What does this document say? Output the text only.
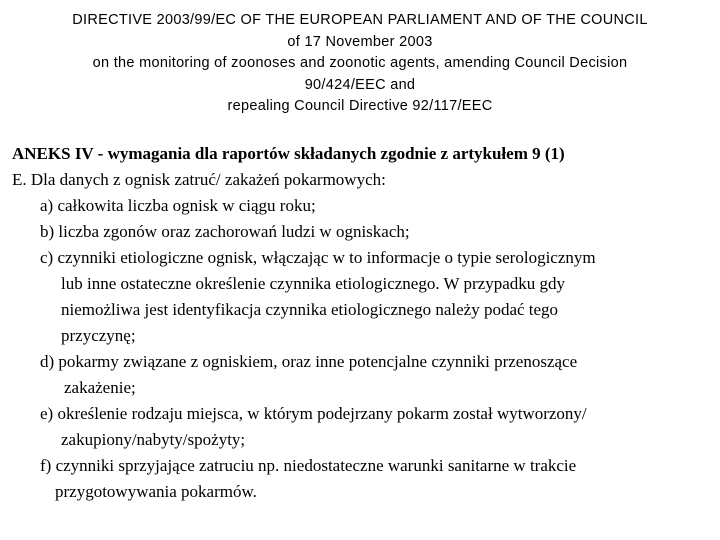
DIRECTIVE 2003/99/EC OF THE EUROPEAN PARLIAMENT AND OF THE COUNCIL
of 17 November 2003
on the monitoring of zoonoses and zoonotic agents, amending Council Decision
90/424/EEC and
repealing Council Directive 92/117/EEC
ANEKS IV - wymagania dla raportów składanych zgodnie z artykułem 9 (1)
E. Dla danych z ognisk zatruć/ zakażeń pokarmowych:
a) całkowita liczba ognisk w ciągu roku;
b) liczba zgonów oraz zachorowań ludzi w ogniskach;
c) czynniki etiologiczne ognisk, włączając w to informacje o typie serologicznym
lub inne ostateczne określenie czynnika etiologicznego. W przypadku gdy
niemożliwa jest identyfikacja czynnika etiologicznego należy podać tego
przyczynę;
d) pokarmy związane z ogniskiem, oraz inne potencjalne czynniki przenoszące
zakażenie;
e) określenie rodzaju miejsca, w którym podejrzany pokarm został wytworzony/
zakupiony/nabyty/spożyty;
f) czynniki sprzyjające zatruciu np. niedostateczne warunki sanitarne w trakcie
przygotowywania pokarmów.
